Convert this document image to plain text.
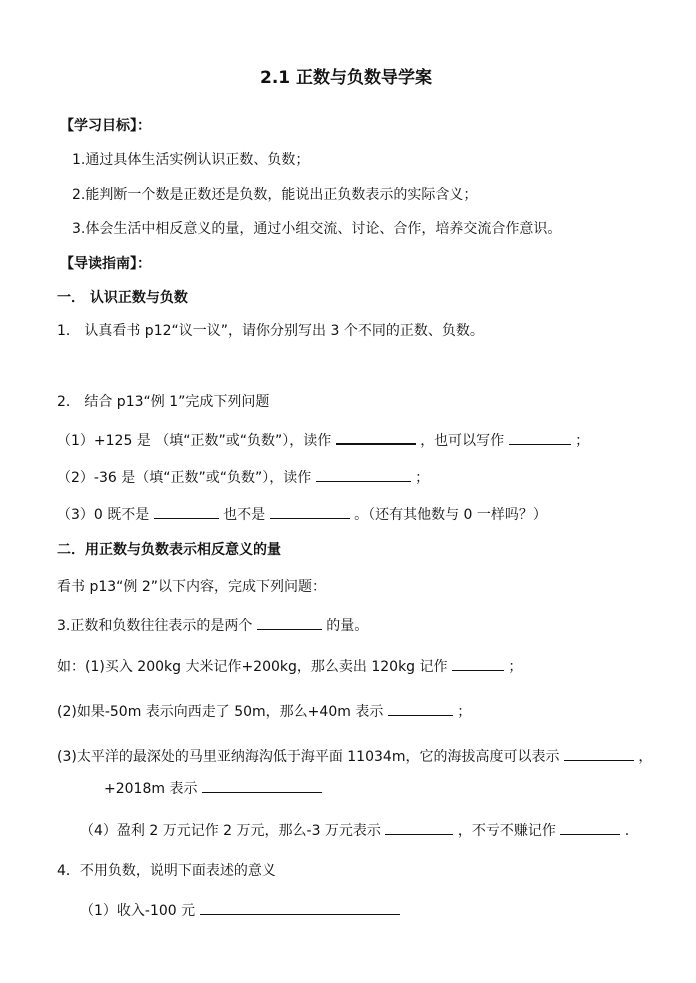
2.1 正数与负数导学案
【学习目标】：
1.通过具体生活实例认识正数、负数；
2.能判断一个数是正数还是负数，能说出正负数表示的实际含义；
3.体会生活中相反意义的量，通过小组交流、讨论、合作，培养交流合作意识。
【导读指南】：
一． 认识正数与负数
1． 认真看书 p12“议一议”，请你分别写出 3 个不同的正数、负数。
2． 结合 p13“例 1”完成下列问题
（1）+125 是 （填“正数”或“负数”），读作	，也可以写作	；
（2）-36 是（填“正数”或“负数”），读作	；
（3）0 既不是	也不是	。（还有其他数与 0 一样吗？）
二．用正数与负数表示相反意义的量
看书 p13“例 2”以下内容，完成下列问题：
3.正数和负数往往表示的是两个	的量。
如：(1)买入 200kg 大米记作+200kg，那么卖出 120kg 记作	；
(2)如果-50m 表示向西走了 50m，那么+40m 表示	；
(3)太平洋的最深处的马里亚纳海沟低于海平面 11034m，它的海拔高度可以表示	，
+2018m 表示
（4）盈利 2 万元记作 2 万元，那么-3 万元表示	，不亏不赚记作	.
4．不用负数，说明下面表述的意义
（1）收入-100 元
